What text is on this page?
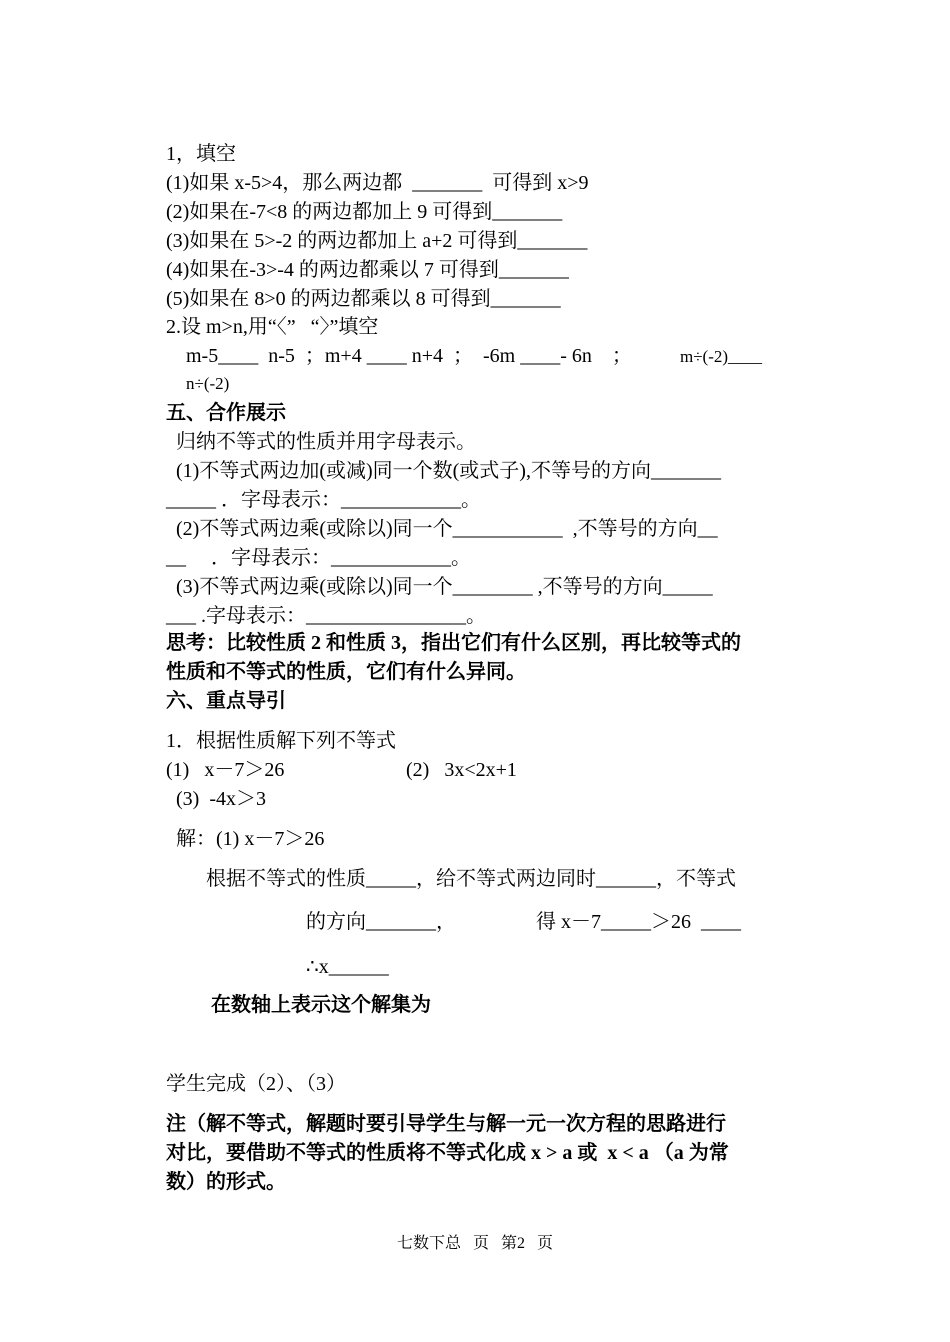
1，填空
(1)如果 x-5>4，那么两边都  _______  可得到 x>9
(2)如果在-7<8 的两边都加上 9 可得到_______
(3)如果在 5>-2 的两边都加上 a+2 可得到_______
(4)如果在-3>-4 的两边都乘以 7 可得到_______
(5)如果在 8>0 的两边都乘以 8 可得到_______
2.设 m>n,用“〈”   “〉”填空
m-5____  n-5  ；m+4 ____ n+4  ；  -6m ____- 6n    ；	m÷(-2)____
n÷(-2)
五、合作展示
归纳不等式的性质并用字母表示。
(1)不等式两边加(或减)同一个数(或式子),不等号的方向_______
_____ ．字母表示：____________。
(2)不等式两边乘(或除以)同一个___________  ,不等号的方向__
__     ．字母表示：____________。
(3)不等式两边乘(或除以)同一个________ ,不等号的方向_____
___ .字母表示：________________。
思考：比较性质 2 和性质 3，指出它们有什么区别，再比较等式的
性质和不等式的性质，它们有什么异同。
六、重点导引
1．根据性质解下列不等式
(1)   x－7＞26	(2)   3x<2x+1
(3)  -4x＞3
解：(1) x－7＞26
根据不等式的性质_____，给不等式两边同时______，不等式
的方向_______，	得 x－7_____＞26  ____
∴x______
在数轴上表示这个解集为
学生完成（2）、（3）
注（解不等式，解题时要引导学生与解一元一次方程的思路进行
对比，要借助不等式的性质将不等式化成 x > a 或  x < a （a 为常
数）的形式。
七数下总   页   第2   页
